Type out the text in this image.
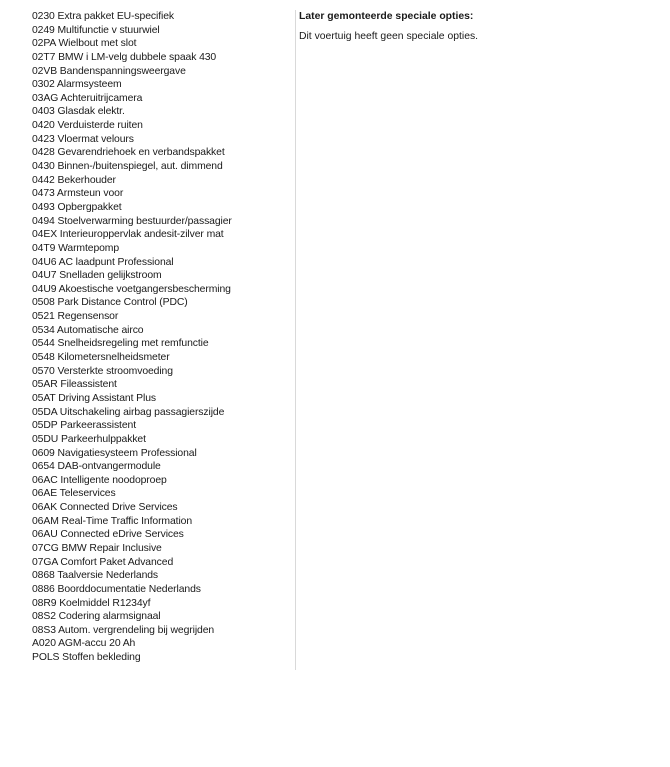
0230 Extra pakket EU-specifiek
0249 Multifunctie v stuurwiel
02PA Wielbout met slot
02T7 BMW i LM-velg dubbele spaak 430
02VB Bandenspanningsweergave
0302 Alarmsysteem
03AG Achteruitrijcamera
0403 Glasdak elektr.
0420 Verduisterde ruiten
0423 Vloermat velours
0428 Gevarendriehoek en verbandspakket
0430 Binnen-/buitenspiegel, aut. dimmend
0442 Bekerhouder
0473 Armsteun voor
0493 Opbergpakket
0494 Stoelverwarming bestuurder/passagier
04EX Interieuroppervlak andesit-zilver mat
04T9 Warmtepomp
04U6 AC laadpunt Professional
04U7 Snelladen gelijkstroom
04U9 Akoestische voetgangersbescherming
0508 Park Distance Control (PDC)
0521 Regensensor
0534 Automatische airco
0544 Snelheidsregeling met remfunctie
0548 Kilometersnelheidsmeter
0570 Versterkte stroomvoeding
05AR Fileassistent
05AT Driving Assistant Plus
05DA Uitschakeling airbag passagierszijde
05DP Parkeerassistent
05DU Parkeerhulppakket
0609 Navigatiesysteem Professional
0654 DAB-ontvangermodule
06AC Intelligente noodoproep
06AE Teleservices
06AK Connected Drive Services
06AM Real-Time Traffic Information
06AU Connected eDrive Services
07CG BMW Repair Inclusive
07GA Comfort Paket Advanced
0868 Taalversie Nederlands
0886 Boorddocumentatie Nederlands
08R9 Koelmiddel R1234yf
08S2 Codering alarmsignaal
08S3 Autom. vergrendeling bij wegrijden
A020 AGM-accu 20 Ah
POLS Stoffen bekleding

Later gemonteerde speciale opties:

Dit voertuig heeft geen speciale opties.
